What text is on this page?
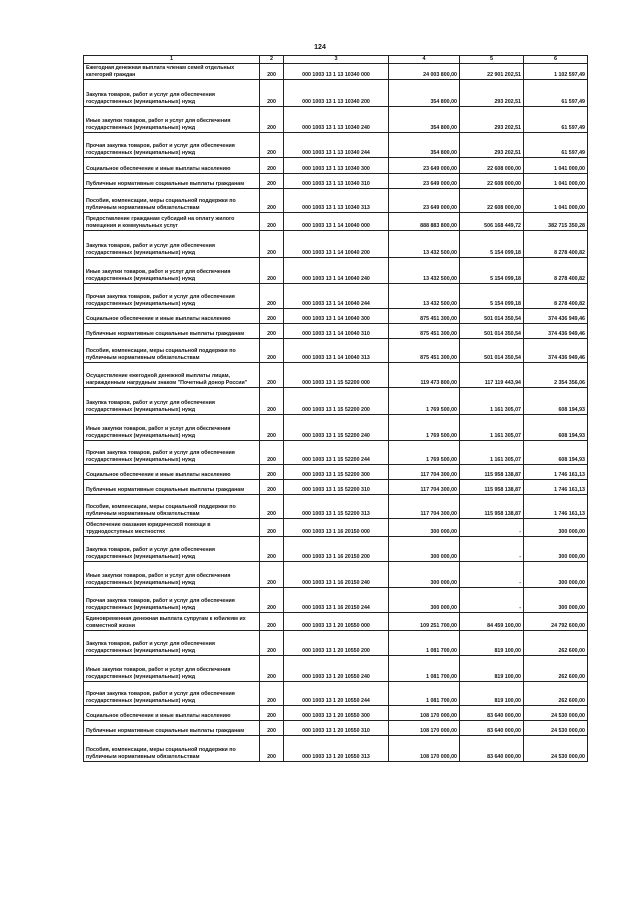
124
1	2	3	4	5	6
Ежегодная денежная выплата членам семей отдельных категорий граждан	200	000 1003 13 1 13 10340 000	24 003 800,00	22 901 202,51	1 102 597,49
Закупка товаров, работ и услуг для обеспечения государственных (муниципальных) нужд	200	000 1003 13 1 13 10340 200	354 800,00	293 202,51	61 597,49
Иные закупки товаров, работ и услуг для обеспечения государственных (муниципальных) нужд	200	000 1003 13 1 13 10340 240	354 800,00	293 202,51	61 597,49
Прочая закупка товаров, работ и услуг для обеспечения государственных (муниципальных) нужд	200	000 1003 13 1 13 10340 244	354 800,00	293 202,51	61 597,49
Социальное обеспечение и иные выплаты населению	200	000 1003 13 1 13 10340 300	23 649 000,00	22 608 000,00	1 041 000,00
Публичные нормативные социальные выплаты гражданам	200	000 1003 13 1 13 10340 310	23 649 000,00	22 608 000,00	1 041 000,00
Пособия, компенсации, меры социальной поддержки по публичным нормативным обязательствам	200	000 1003 13 1 13 10340 313	23 649 000,00	22 608 000,00	1 041 000,00
Предоставление гражданам субсидий на оплату жилого помещения и коммунальных услуг	200	000 1003 13 1 14 10040 000	888 883 800,00	506 168 449,72	382 715 350,28
Закупка товаров, работ и услуг для обеспечения государственных (муниципальных) нужд	200	000 1003 13 1 14 10040 200	13 432 500,00	5 154 099,18	8 278 400,82
Иные закупки товаров, работ и услуг для обеспечения государственных (муниципальных) нужд	200	000 1003 13 1 14 10040 240	13 432 500,00	5 154 099,18	8 278 400,82
Прочая закупка товаров, работ и услуг для обеспечения государственных (муниципальных) нужд	200	000 1003 13 1 14 10040 244	13 432 500,00	5 154 099,18	8 278 400,82
Социальное обеспечение и иные выплаты населению	200	000 1003 13 1 14 10040 300	875 451 300,00	501 014 350,54	374 436 949,46
Публичные нормативные социальные выплаты гражданам	200	000 1003 13 1 14 10040 310	875 451 300,00	501 014 350,54	374 436 949,46
Пособия, компенсации, меры социальной поддержки по публичным нормативным обязательствам	200	000 1003 13 1 14 10040 313	875 451 300,00	501 014 350,54	374 436 949,46
Осуществление ежегодной денежной выплаты лицам, награжденным нагрудным знаком "Почетный донор России"	200	000 1003 13 1 15 52200 000	119 473 800,00	117 119 443,94	2 354 356,06
Закупка товаров, работ и услуг для обеспечения государственных (муниципальных) нужд	200	000 1003 13 1 15 52200 200	1 769 500,00	1 161 305,07	608 194,93
Иные закупки товаров, работ и услуг для обеспечения государственных (муниципальных) нужд	200	000 1003 13 1 15 52200 240	1 769 500,00	1 161 305,07	608 194,93
Прочая закупка товаров, работ и услуг для обеспечения государственных (муниципальных) нужд	200	000 1003 13 1 15 52200 244	1 769 500,00	1 161 305,07	608 194,93
Социальное обеспечение и иные выплаты населению	200	000 1003 13 1 15 52200 300	117 704 300,00	115 958 138,87	1 746 161,13
Публичные нормативные социальные выплаты гражданам	200	000 1003 13 1 15 52200 310	117 704 300,00	115 958 138,87	1 746 161,13
Пособия, компенсации, меры социальной поддержки по публичным нормативным обязательствам	200	000 1003 13 1 15 52200 313	117 704 300,00	115 958 138,87	1 746 161,13
Обеспечение оказания юридической помощи в труднодоступных местностях	200	000 1003 13 1 16 20150 000	300 000,00	-	300 000,00
Закупка товаров, работ и услуг для обеспечения государственных (муниципальных) нужд	200	000 1003 13 1 16 20150 200	300 000,00	-	300 000,00
Иные закупки товаров, работ и услуг для обеспечения государственных (муниципальных) нужд	200	000 1003 13 1 16 20150 240	300 000,00	-	300 000,00
Прочая закупка товаров, работ и услуг для обеспечения государственных (муниципальных) нужд	200	000 1003 13 1 16 20150 244	300 000,00	-	300 000,00
Единовременная денежная выплата супругам к юбилеям их совместной жизни	200	000 1003 13 1 20 10550 000	109 251 700,00	84 459 100,00	24 792 600,00
Закупка товаров, работ и услуг для обеспечения государственных (муниципальных) нужд	200	000 1003 13 1 20 10550 200	1 081 700,00	819 100,00	262 600,00
Иные закупки товаров, работ и услуг для обеспечения государственных (муниципальных) нужд	200	000 1003 13 1 20 10550 240	1 081 700,00	819 100,00	262 600,00
Прочая закупка товаров, работ и услуг для обеспечения государственных (муниципальных) нужд	200	000 1003 13 1 20 10550 244	1 081 700,00	819 100,00	262 600,00
Социальное обеспечение и иные выплаты населению	200	000 1003 13 1 20 10550 300	108 170 000,00	83 640 000,00	24 530 000,00
Публичные нормативные социальные выплаты гражданам	200	000 1003 13 1 20 10550 310	108 170 000,00	83 640 000,00	24 530 000,00
Пособия, компенсации, меры социальной поддержки по публичным нормативным обязательствам	200	000 1003 13 1 20 10550 313	108 170 000,00	83 640 000,00	24 530 000,00
